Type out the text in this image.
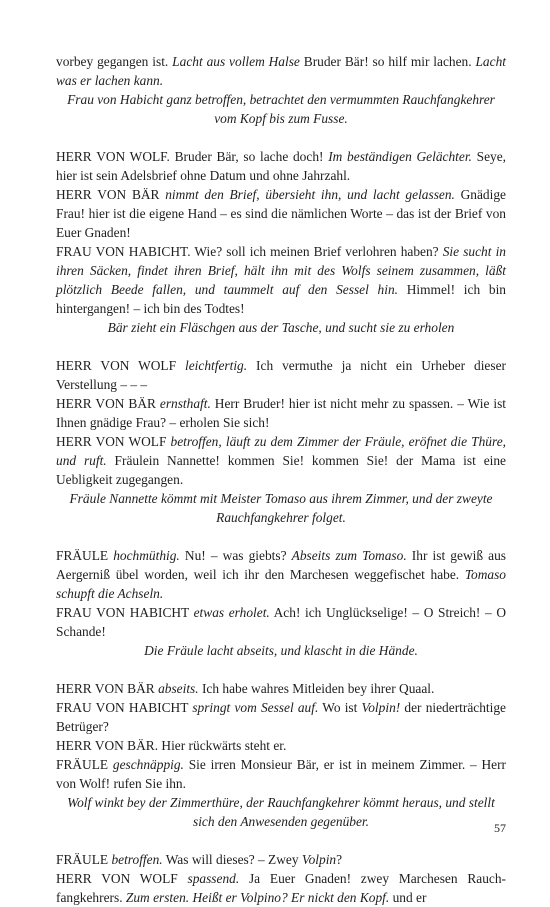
vorbey gegangen ist. Lacht aus vollem Halse Bruder Bär! so hilf mir lachen. Lacht was er lachen kann.
Frau von Habicht ganz betroffen, betrachtet den vermummten Rauchfangkehrer vom Kopf bis zum Fusse.
HERR VON WOLF. Bruder Bär, so lache doch! Im beständigen Gelächter. Seye, hier ist sein Adelsbrief ohne Datum und ohne Jahrzahl.
HERR VON BÄR nimmt den Brief, übersieht ihn, und lacht gelassen. Gnädige Frau! hier ist die eigene Hand – es sind die nämlichen Worte – das ist der Brief von Euer Gnaden!
FRAU VON HABICHT. Wie? soll ich meinen Brief verlohren haben? Sie sucht in ihren Säcken, findet ihren Brief, hält ihn mit des Wolfs seinem zusammen, läßt plötzlich Beede fallen, und taummelt auf den Sessel hin. Himmel! ich bin hintergangen! – ich bin des Todtes!
Bär zieht ein Fläschgen aus der Tasche, und sucht sie zu erholen
HERR VON WOLF leichtfertig. Ich vermuthe ja nicht ein Urheber dieser Verstellung – – –
HERR VON BÄR ernsthaft. Herr Bruder! hier ist nicht mehr zu spassen. – Wie ist Ihnen gnädige Frau? – erholen Sie sich!
HERR VON WOLF betroffen, läuft zu dem Zimmer der Fräule, eröfnet die Thüre, und ruft. Fräulein Nannette! kommen Sie! kommen Sie! der Mama ist eine Uebligkeit zugegangen.
Fräule Nannette kömmt mit Meister Tomaso aus ihrem Zimmer, und der zweyte Rauchfangkehrer folget.
FRÄULE hochmüthig. Nu! – was giebts? Abseits zum Tomaso. Ihr ist gewiß aus Aergerniß übel worden, weil ich ihr den Marchesen weggefischet habe. Tomaso schupft die Achseln.
FRAU VON HABICHT etwas erholet. Ach! ich Unglückselige! – O Streich! – O Schande!
Die Fräule lacht abseits, und klascht in die Hände.
HERR VON BÄR abseits. Ich habe wahres Mitleiden bey ihrer Quaal.
FRAU VON HABICHT springt vom Sessel auf. Wo ist Volpin! der niederträchtige Betrüger?
HERR VON BÄR. Hier rückwärts steht er.
FRÄULE geschnäppig. Sie irren Monsieur Bär, er ist in meinem Zimmer. – Herr von Wolf! rufen Sie ihn.
Wolf winkt bey der Zimmerthüre, der Rauchfangkehrer kömmt heraus, und stellt sich den Anwesenden gegenüber.
FRÄULE betroffen. Was will dieses? – Zwey Volpin?
HERR VON WOLF spassend. Ja Euer Gnaden! zwey Marchesen Rauchfangkehrers. Zum ersten. Heißt er Volpino? Er nickt den Kopf. und er
57
